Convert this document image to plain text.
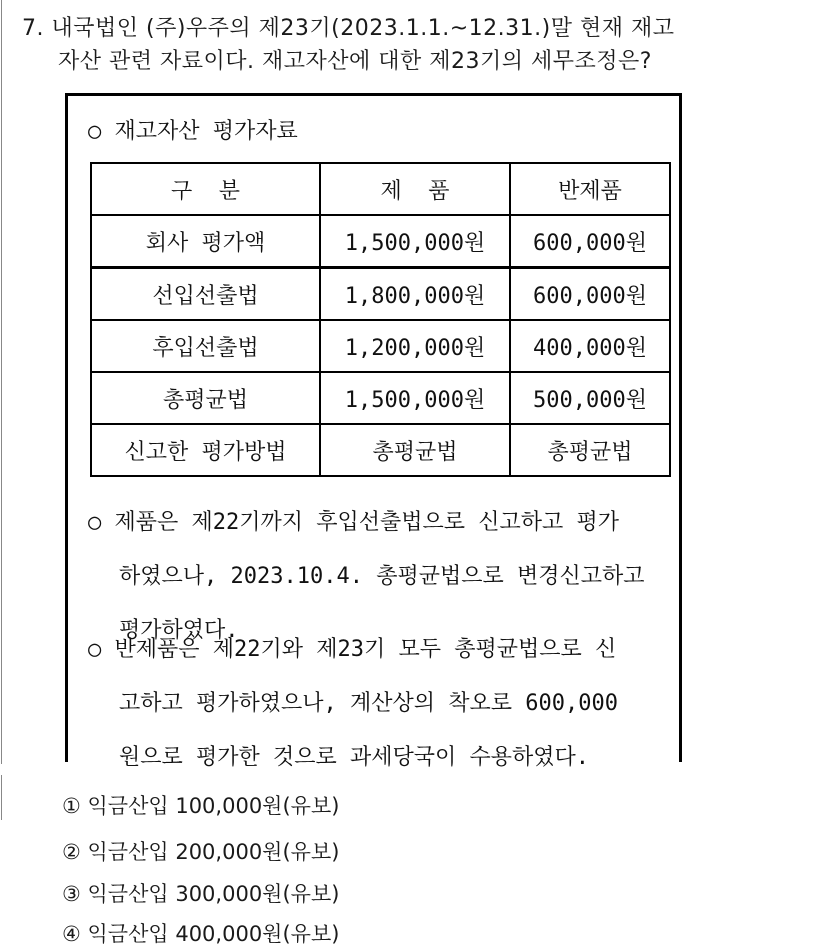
7. 내국법인 (주)우주의 제23기(2023.1.1.~12.31.)말 현재 재고
자산 관련 자료이다. 재고자산에 대한 제23기의 세무조정은?
○ 재고자산 평가자료
구  분	제  품	반제품
회사 평가액	1,500,000원	600,000원
선입선출법	1,800,000원	600,000원
후입선출법	1,200,000원	400,000원
총평균법	1,500,000원	500,000원
신고한 평가방법	총평균법	총평균법
○ 제품은 제22기까지 후입선출법으로 신고하고 평가
하였으나, 2023.10.4. 총평균법으로 변경신고하고
평가하였다.
○ 반제품은 제22기와 제23기 모두 총평균법으로 신
고하고 평가하였으나, 계산상의 착오로 600,000
원으로 평가한 것으로 과세당국이 수용하였다.
① 익금산입 100,000원(유보)
② 익금산입 200,000원(유보)
③ 익금산입 300,000원(유보)
④ 익금산입 400,000원(유보)
